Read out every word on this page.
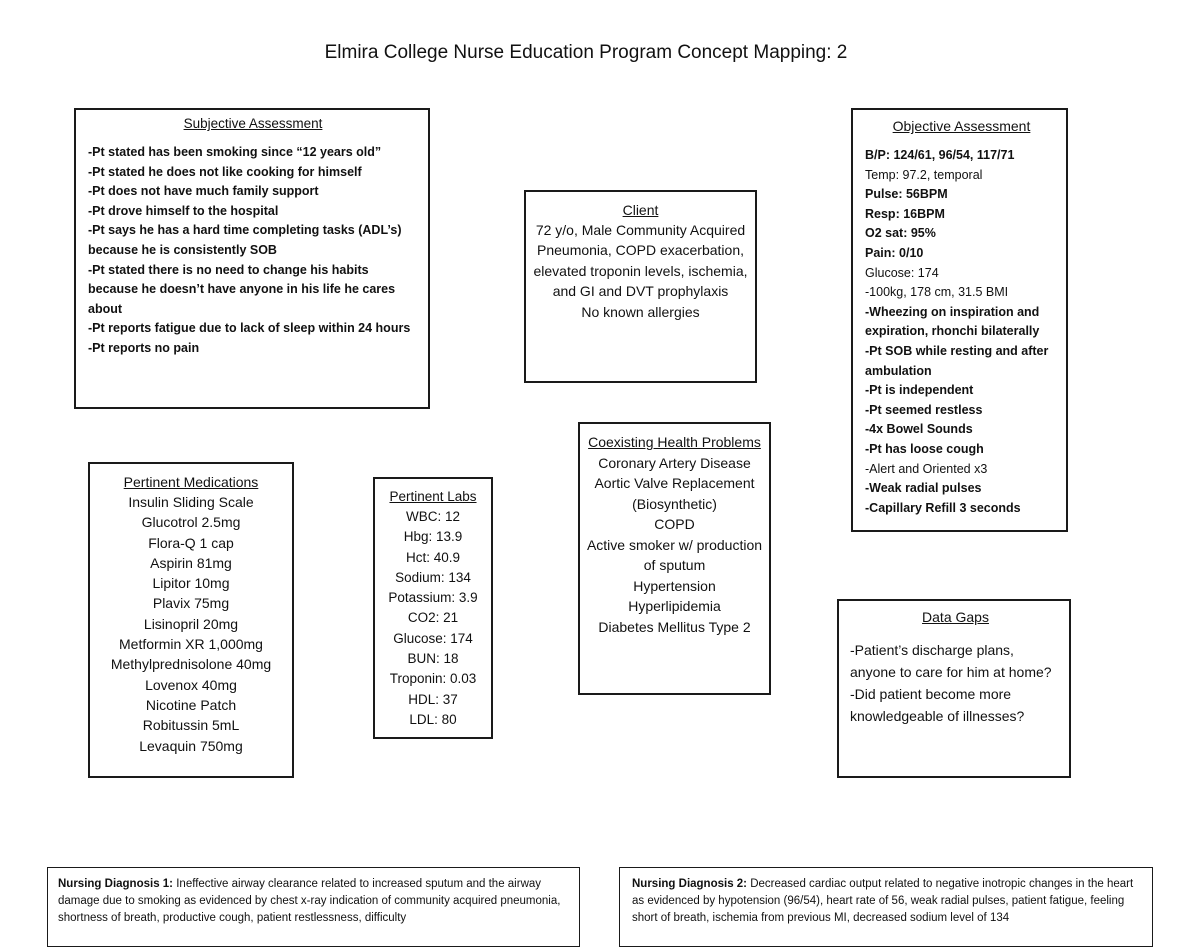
Elmira College Nurse Education Program Concept Mapping: 2
Subjective Assessment
-Pt stated has been smoking since “12 years old”
-Pt stated he does not like cooking for himself
-Pt does not have much family support
-Pt drove himself to the hospital
-Pt says he has a hard time completing tasks (ADL’s) because he is consistently SOB
-Pt stated there is no need to change his habits because he doesn’t have anyone in his life he cares about
-Pt reports fatigue due to lack of sleep within 24 hours
-Pt reports no pain
Client
72 y/o, Male Community Acquired Pneumonia, COPD exacerbation, elevated troponin levels, ischemia, and GI and DVT prophylaxis
No known allergies
Objective Assessment
B/P: 124/61, 96/54, 117/71
Temp: 97.2, temporal
Pulse: 56BPM
Resp: 16BPM
O2 sat: 95%
Pain: 0/10
Glucose: 174
-100kg, 178 cm, 31.5 BMI
-Wheezing on inspiration and expiration, rhonchi bilaterally
-Pt SOB while resting and after ambulation
-Pt is independent
-Pt seemed restless
-4x Bowel Sounds
-Pt has loose cough
-Alert and Oriented x3
-Weak radial pulses
-Capillary Refill 3 seconds
Pertinent Medications
Insulin Sliding Scale
Glucotrol 2.5mg
Flora-Q 1 cap
Aspirin 81mg
Lipitor 10mg
Plavix 75mg
Lisinopril 20mg
Metformin XR 1,000mg
Methylprednisolone 40mg
Lovenox 40mg
Nicotine Patch
Robitussin 5mL
Levaquin 750mg
Pertinent Labs
WBC: 12
Hbg: 13.9
Hct: 40.9
Sodium: 134
Potassium: 3.9
CO2: 21
Glucose: 174
BUN: 18
Troponin: 0.03
HDL: 37
LDL: 80
Coexisting Health Problems
Coronary Artery Disease
Aortic Valve Replacement (Biosynthetic)
COPD
Active smoker w/ production of sputum
Hypertension
Hyperlipidemia
Diabetes Mellitus Type 2
Data Gaps
-Patient’s discharge plans, anyone to care for him at home?
-Did patient become more knowledgeable of illnesses?

Nursing Diagnosis 1: Ineffective airway clearance related to increased sputum and the airway damage due to smoking as evidenced by chest x-ray indication of community acquired pneumonia, shortness of breath, productive cough, patient restlessness, difficulty

Nursing Diagnosis 2: Decreased cardiac output related to negative inotropic changes in the heart as evidenced by hypotension (96/54), heart rate of 56, weak radial pulses, patient fatigue, feeling short of breath, ischemia from previous MI, decreased sodium level of 134
